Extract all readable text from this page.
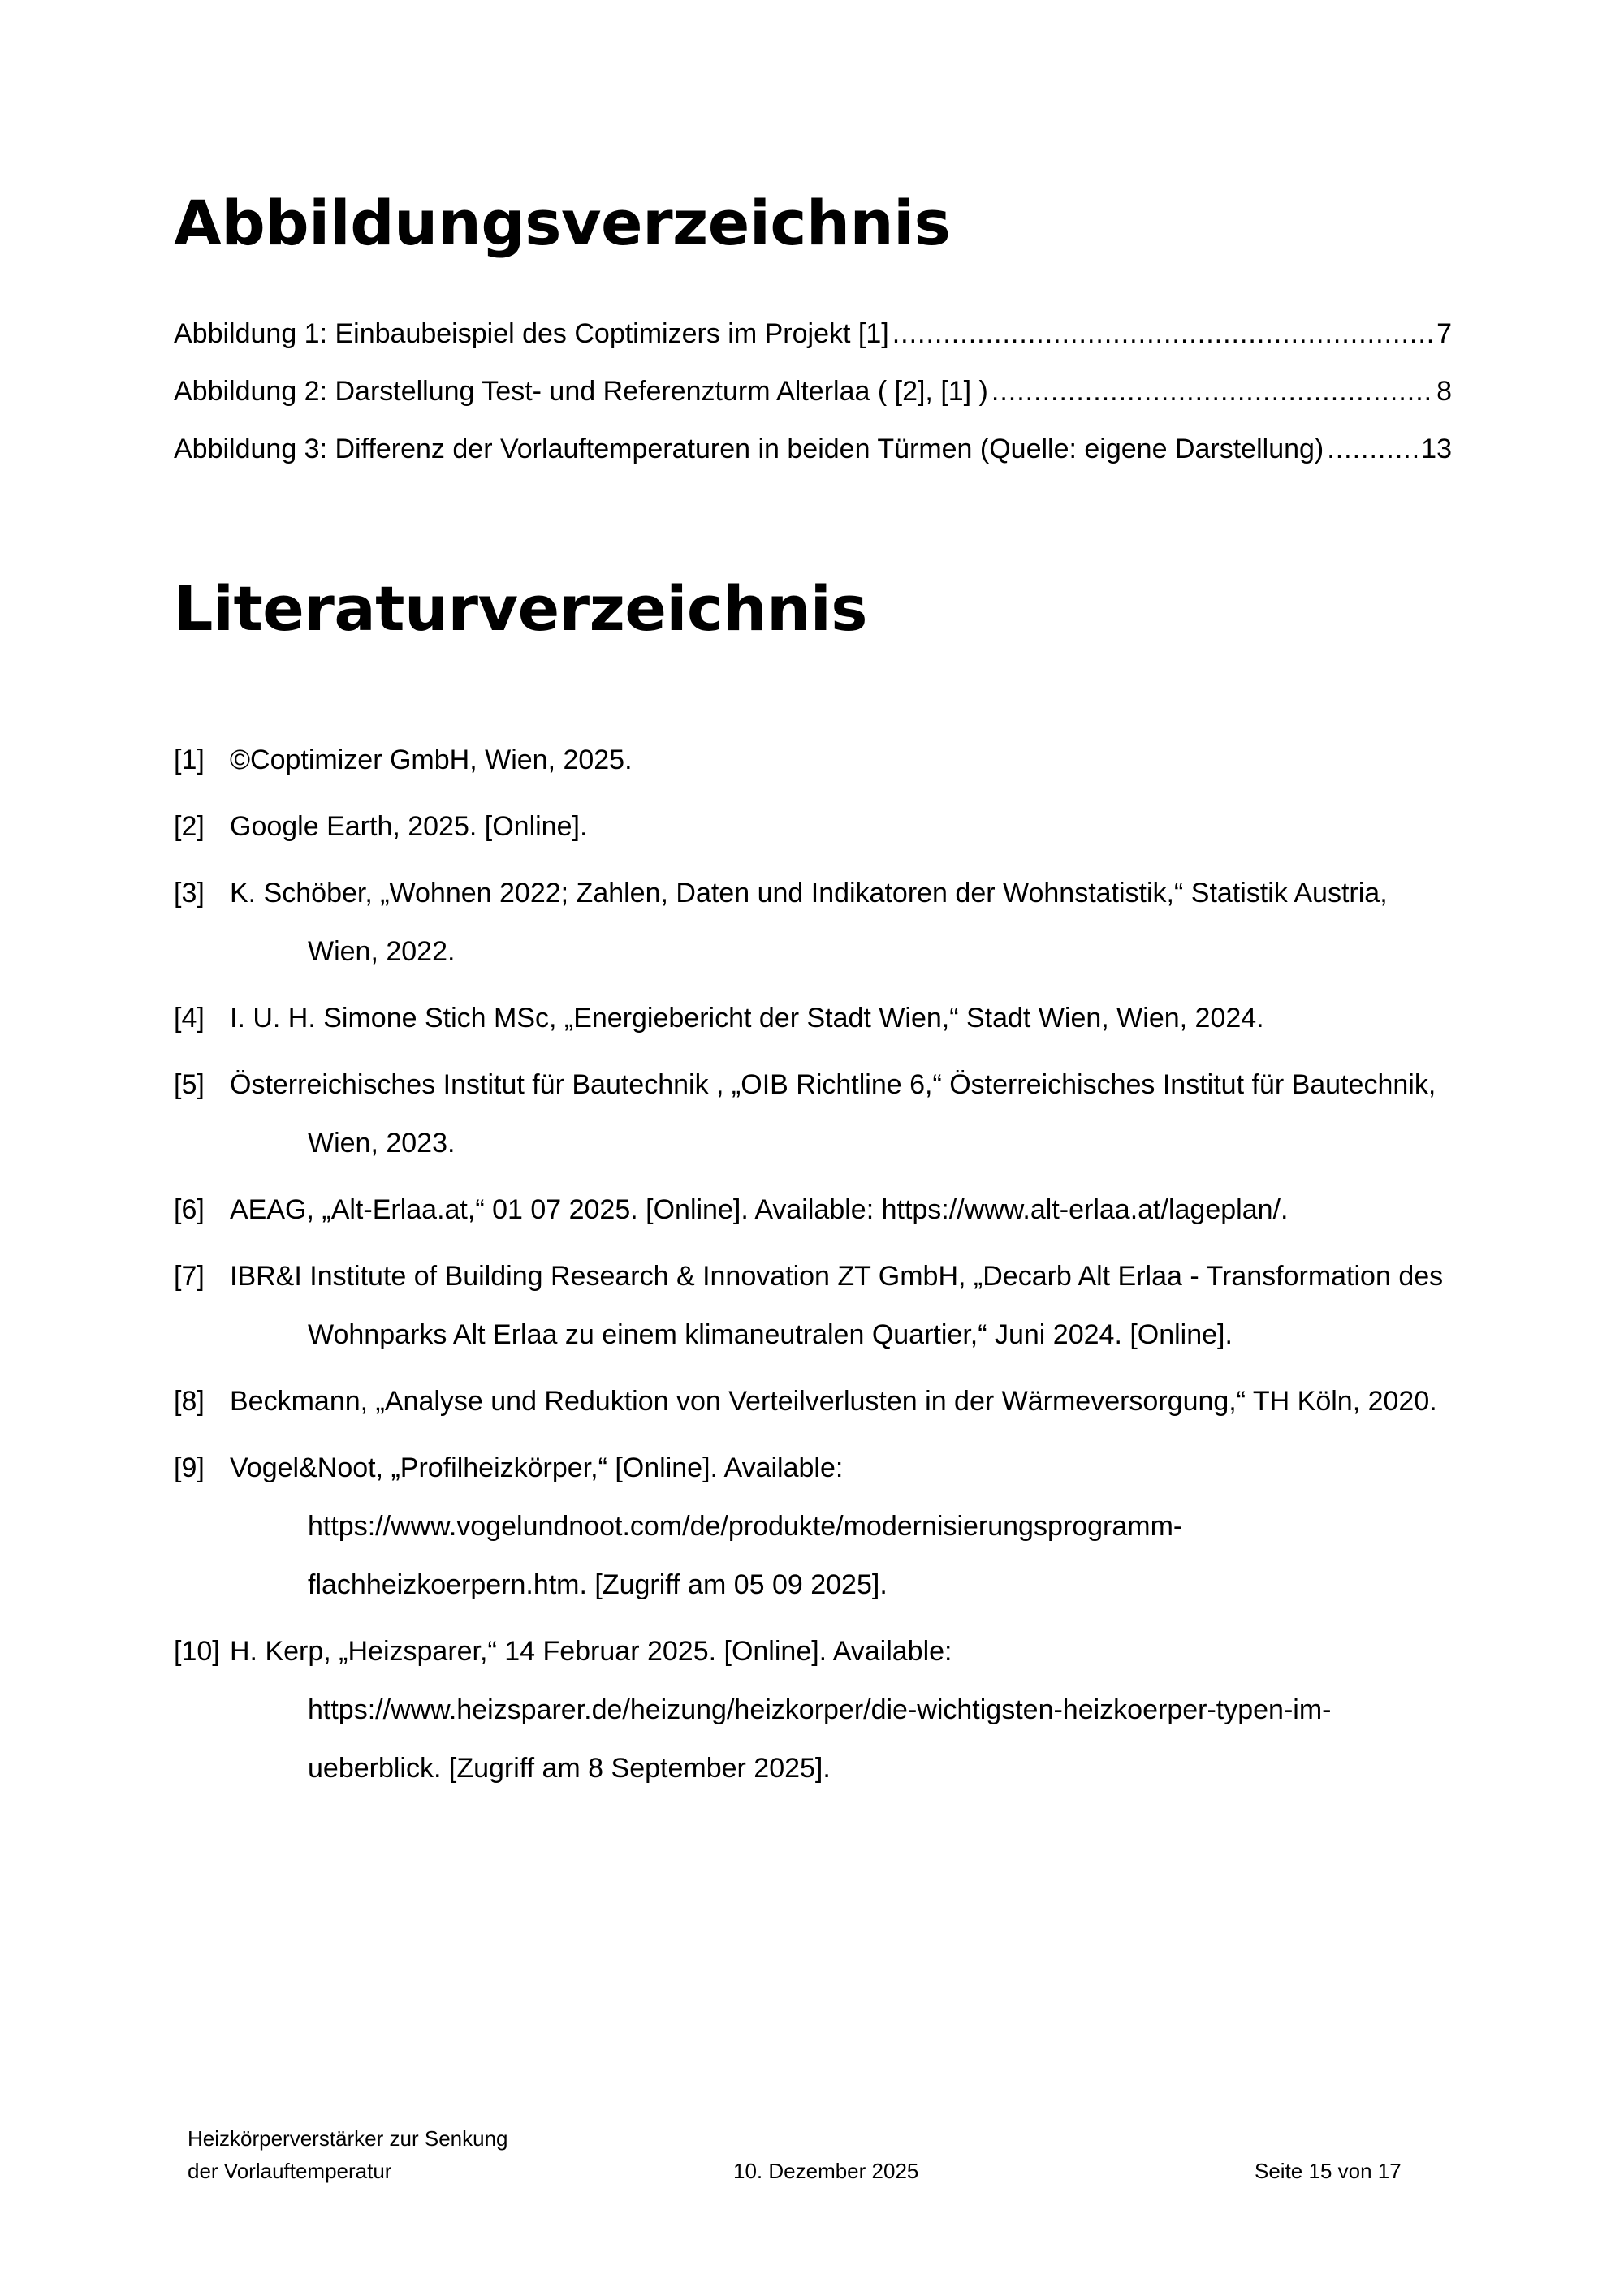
Abbildungsverzeichnis
Abbildung 1: Einbaubeispiel des Coptimizers im Projekt [1] .....	7
Abbildung 2: Darstellung Test- und Referenzturm Alterlaa ( [2], [1] ) .....	8
Abbildung 3: Differenz der Vorlauftemperaturen in beiden Türmen (Quelle: eigene Darstellung) .....	13
Literaturverzeichnis
[1] ©Coptimizer GmbH, Wien, 2025.
[2] Google Earth, 2025. [Online].
[3] K. Schöber, „Wohnen 2022; Zahlen, Daten und Indikatoren der Wohnstatistik,“ Statistik Austria,
Wien, 2022.
[4] I. U. H. Simone Stich MSc, „Energiebericht der Stadt Wien,“ Stadt Wien, Wien, 2024.
[5] Österreichisches Institut für Bautechnik , „OIB Richtline 6,“ Österreichisches Institut für Bautechnik,
Wien, 2023.
[6] AEAG, „Alt-Erlaa.at,“ 01 07 2025. [Online]. Available: https://www.alt-erlaa.at/lageplan/.
[7] IBR&I Institute of Building Research & Innovation ZT GmbH, „Decarb Alt Erlaa - Transformation des
Wohnparks Alt Erlaa zu einem klimaneutralen Quartier,“ Juni 2024. [Online].
[8] Beckmann, „Analyse und Reduktion von Verteilverlusten in der Wärmeversorgung,“ TH Köln, 2020.
[9] Vogel&Noot, „Profilheizkörper,“ [Online]. Available:
https://www.vogelundnoot.com/de/produkte/modernisierungsprogramm-
flachheizkoerpern.htm. [Zugriff am 05 09 2025].
[10] H. Kerp, „Heizsparer,“ 14 Februar 2025. [Online]. Available:
https://www.heizsparer.de/heizung/heizkorper/die-wichtigsten-heizkoerper-typen-im-
ueberblick. [Zugriff am 8 September 2025].
Heizkörperverstärker zur Senkung
der Vorlauftemperatur	10. Dezember 2025	Seite 15 von 17
